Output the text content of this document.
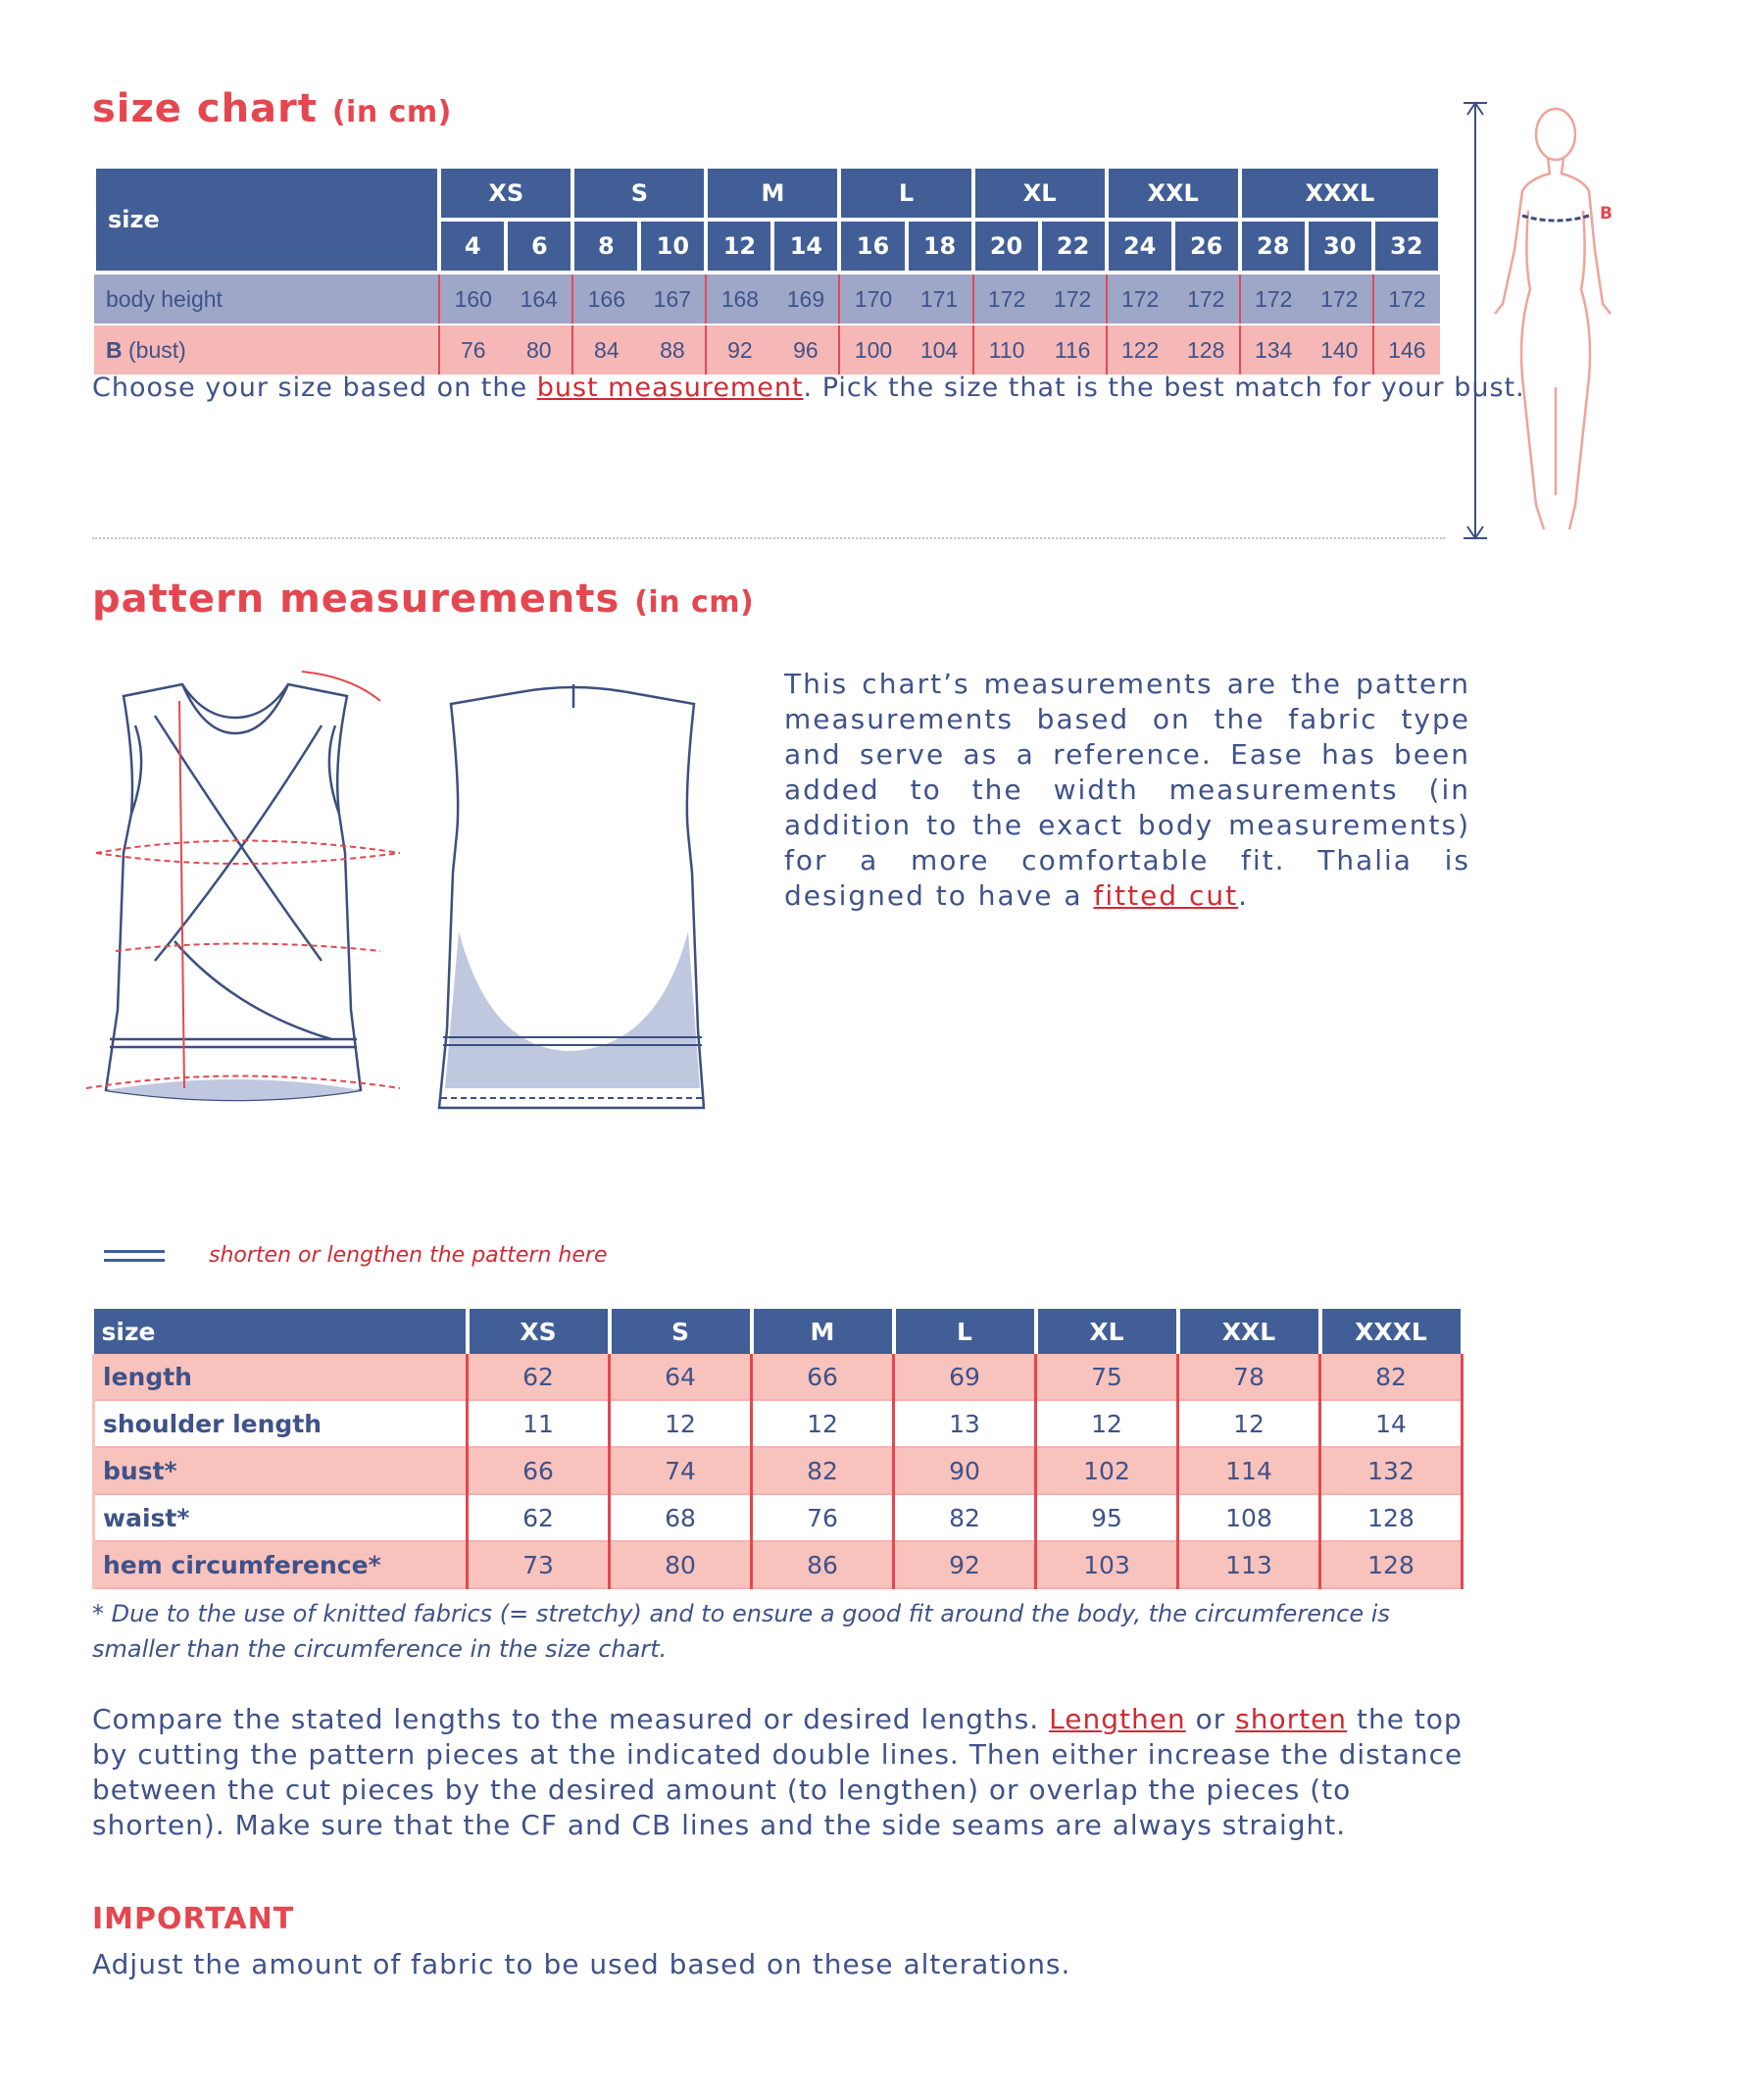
size chart (in cm)
size	XS		S		M		L		XL		XXL		XXXL		
	4	6	8	10	12	14	16	18	20	22	24	26	28	30	32
body height	160	164	166	167	168	169	170	171	172	172	172	172	172	172	172
B (bust)	76	80	84	88	92	96	100	104	110	116	122	128	134	140	146
Choose your size based on the bust measurement. Pick the size that is the best match for your bust.
B
pattern measurements (in cm)
This chart’s measurements are the pattern measurements based on the fabric type and serve as a reference. Ease has been added to the width measurements (in addition to the exact body measurements) for a more comfortable fit. Thalia is designed to have a fitted cut.
shorten or lengthen the pattern here
size	XS	S	M	L	XL	XXL	XXXL
length	62	64	66	69	75	78	82
shoulder length	11	12	12	13	12	12	14
bust*	66	74	82	90	102	114	132
waist*	62	68	76	82	95	108	128
hem circumference*	73	80	86	92	103	113	128
* Due to the use of knitted fabrics (= stretchy) and to ensure a good fit around the body, the circumference is smaller than the circumference in the size chart.
Compare the stated lengths to the measured or desired lengths. Lengthen or shorten the top by cutting the pattern pieces at the indicated double lines. Then either increase the distance between the cut pieces by the desired amount (to lengthen) or overlap the pieces (to shorten). Make sure that the CF and CB lines and the side seams are always straight.
IMPORTANT
Adjust the amount of fabric to be used based on these alterations.
